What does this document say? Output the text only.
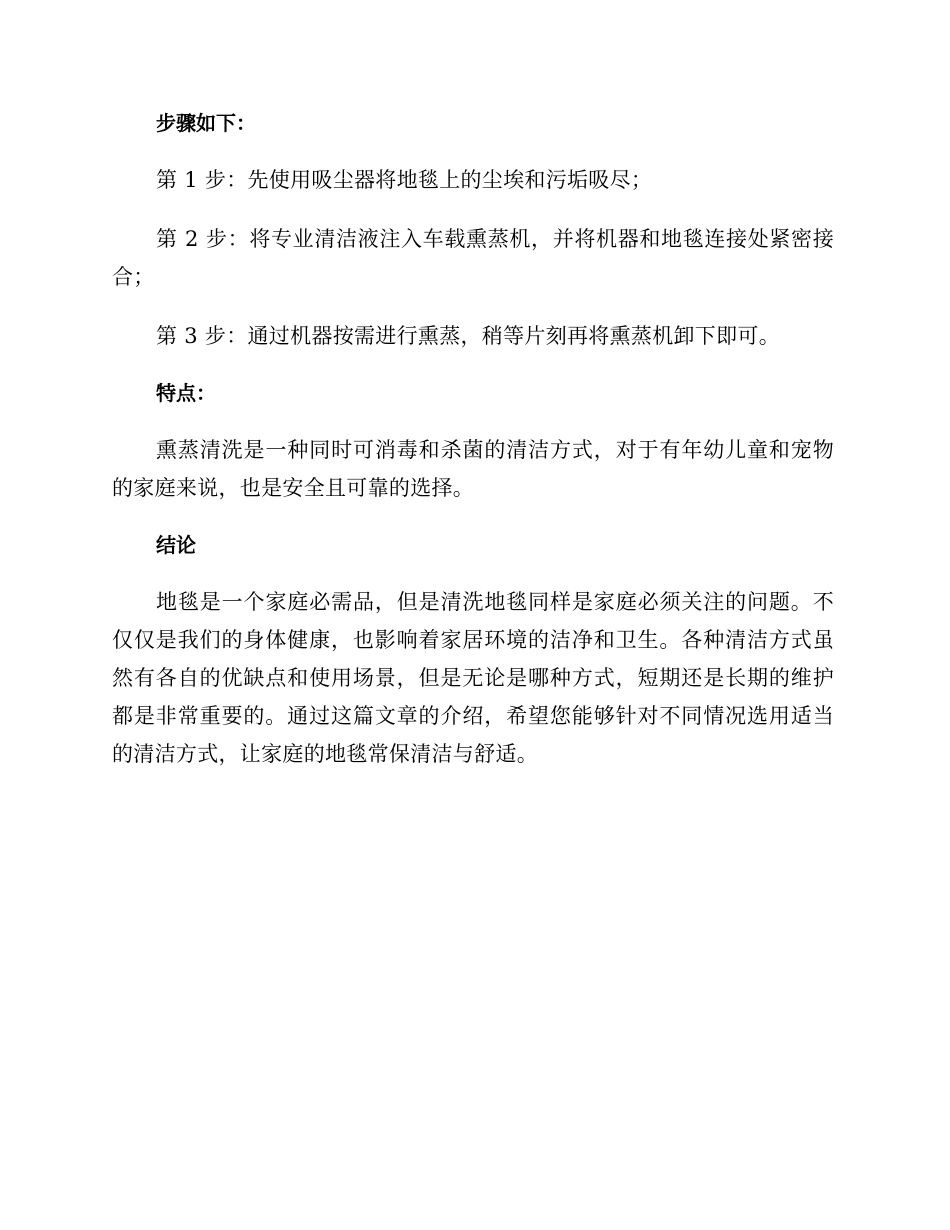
步骤如下：

第 1 步：先使用吸尘器将地毯上的尘埃和污垢吸尽；

第 2 步：将专业清洁液注入车载熏蒸机，并将机器和地毯连接处紧密接合；

第 3 步：通过机器按需进行熏蒸，稍等片刻再将熏蒸机卸下即可。

特点：

熏蒸清洗是一种同时可消毒和杀菌的清洁方式，对于有年幼儿童和宠物的家庭来说，也是安全且可靠的选择。

结论

地毯是一个家庭必需品，但是清洗地毯同样是家庭必须关注的问题。不仅仅是我们的身体健康，也影响着家居环境的洁净和卫生。各种清洁方式虽然有各自的优缺点和使用场景，但是无论是哪种方式，短期还是长期的维护都是非常重要的。通过这篇文章的介绍，希望您能够针对不同情况选用适当的清洁方式，让家庭的地毯常保清洁与舒适。
